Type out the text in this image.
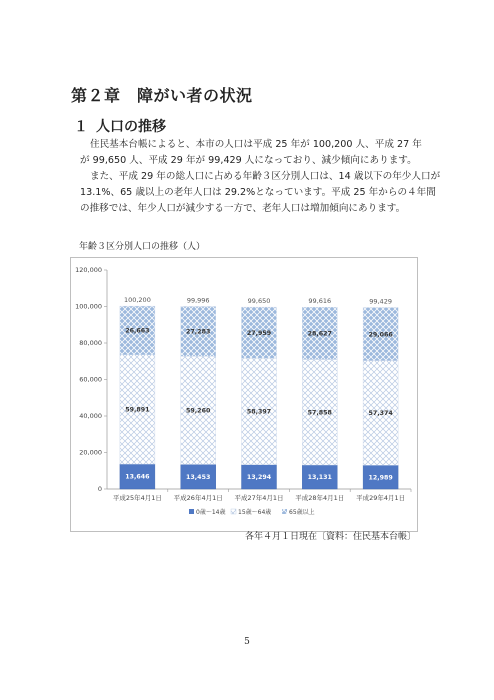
第２章　障がい者の状況
１ 人口の推移
住民基本台帳によると、本市の人口は平成 25 年が 100,200 人、平成 27 年
が 99,650 人、平成 29 年が 99,429 人になっており、減少傾向にあります。
また、平成 29 年の総人口に占める年齢３区分別人口は、14 歳以下の年少人口が
13.1%、65 歳以上の老年人口は 29.2%となっています。平成 25 年からの４年間
の推移では、年少人口が減少する一方で、老年人口は増加傾向にあります。
年齢３区分別人口の推移（人）
0
20,000
40,000
60,000
80,000
100,000
120,000
平成25年4月1日 平成26年4月1日 平成27年4月1日 平成28年4月1日 平成29年4月1日
13,646
59,891
26,663
100,200
13,453
59,260
27,283
99,996
13,294
58,397
27,959
99,650
13,131
57,858
28,627
99,616
12,989
57,374
29,066
99,429
0歳～14歳 15歳～64歳	65歳以上
各年４月１日現在〔資料：住民基本台帳〕
5
